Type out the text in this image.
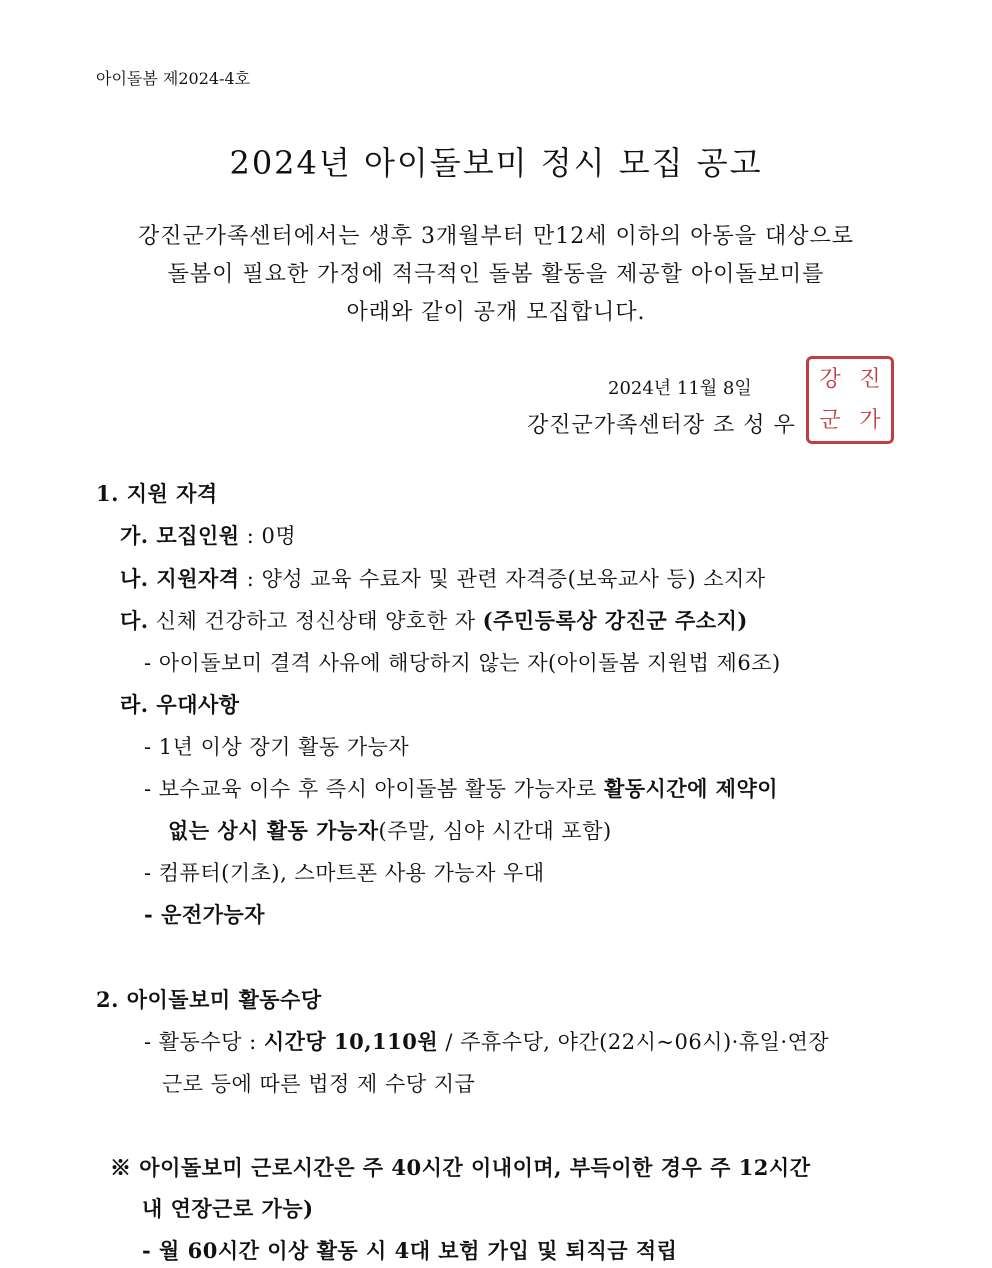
아이돌봄 제2024-4호
2024년 아이돌보미 정시 모집 공고
강진군가족센터에서는 생후 3개월부터 만12세 이하의 아동을 대상으로
돌봄이 필요한 가정에 적극적인 돌봄 활동을 제공할 아이돌보미를
아래와 같이 공개 모집합니다.
2024년 11월 8일
강진군가족센터장 조 성 우
강 진
군 가
1. 지원 자격
가. 모집인원 : 0명
나. 지원자격 : 양성 교육 수료자 및 관련 자격증(보육교사 등) 소지자
다. 신체 건강하고 정신상태 양호한 자 (주민등록상 강진군 주소지)
- 아이돌보미 결격 사유에 해당하지 않는 자(아이돌봄 지원법 제6조)
라. 우대사항
- 1년 이상 장기 활동 가능자
- 보수교육 이수 후 즉시 아이돌봄 활동 가능자로 활동시간에 제약이
없는 상시 활동 가능자(주말, 심야 시간대 포함)
- 컴퓨터(기초), 스마트폰 사용 가능자 우대
- 운전가능자
2. 아이돌보미 활동수당
- 활동수당 : 시간당 10,110원 / 주휴수당, 야간(22시~06시)·휴일·연장
근로 등에 따른 법정 제 수당 지급
※ 아이돌보미 근로시간은 주 40시간 이내이며, 부득이한 경우 주 12시간
내 연장근로 가능)
- 월 60시간 이상 활동 시 4대 보험 가입 및 퇴직금 적립
